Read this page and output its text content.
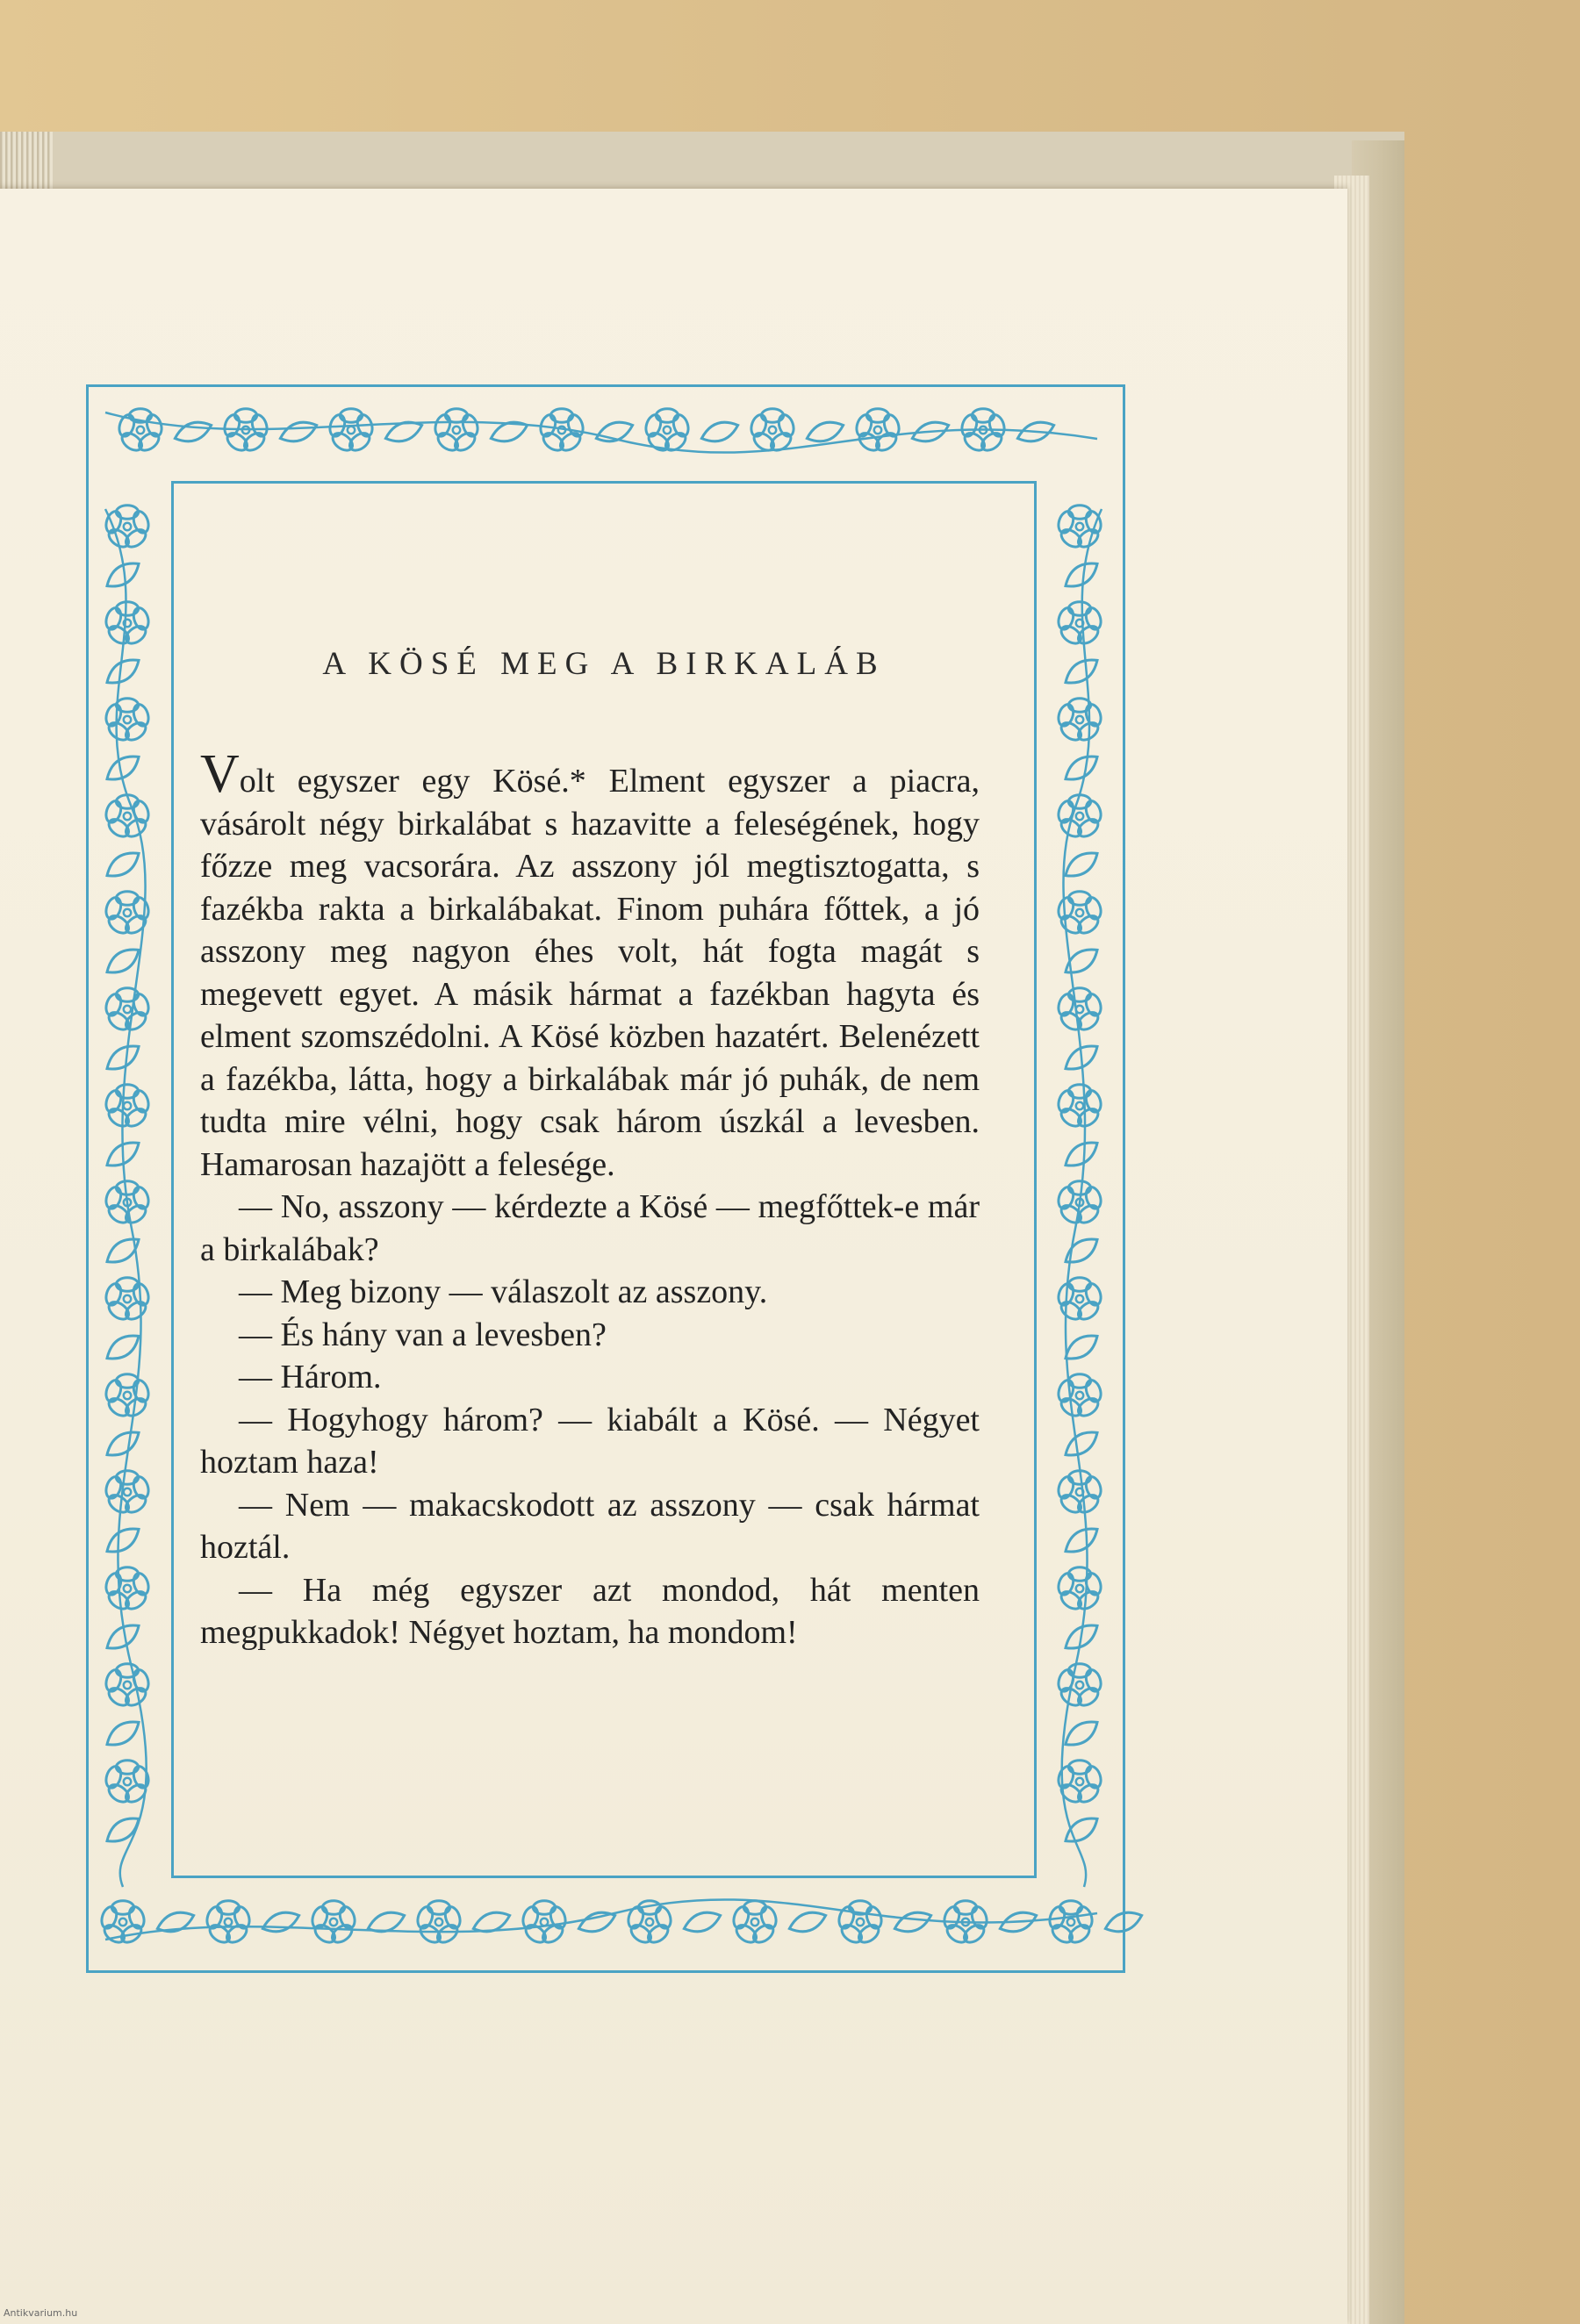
A KÖSÉ MEG A BIRKALÁB

Volt egyszer egy Kösé.* Elment egyszer a piacra, vásárolt négy birkalábat s hazavitte a feleségének, hogy főzze meg vacsorára. Az asszony jól megtisztogatta, s fazékba rakta a birkalábakat. Finom puhára főttek, a jó asszony meg nagyon éhes volt, hát fogta magát s megevett egyet. A másik hármat a fazékban hagyta és elment szomszédolni. A Kösé közben hazatért. Belenézett a fazékba, látta, hogy a birkalábak már jó puhák, de nem tudta mire vélni, hogy csak három úszkál a levesben. Hamarosan hazajött a felesége.

— No, asszony — kérdezte a Kösé — megfőttek-e már a birkalábak?

— Meg bizony — válaszolt az asszony.

— És hány van a levesben?

— Három.

— Hogyhogy három? — kiabált a Kösé. — Négyet hoztam haza!

— Nem — makacskodott az asszony — csak hármat hoztál.

— Ha még egyszer azt mondod, hát menten megpukkadok! Négyet hoztam, ha mondom!

Antikvarium.hu
